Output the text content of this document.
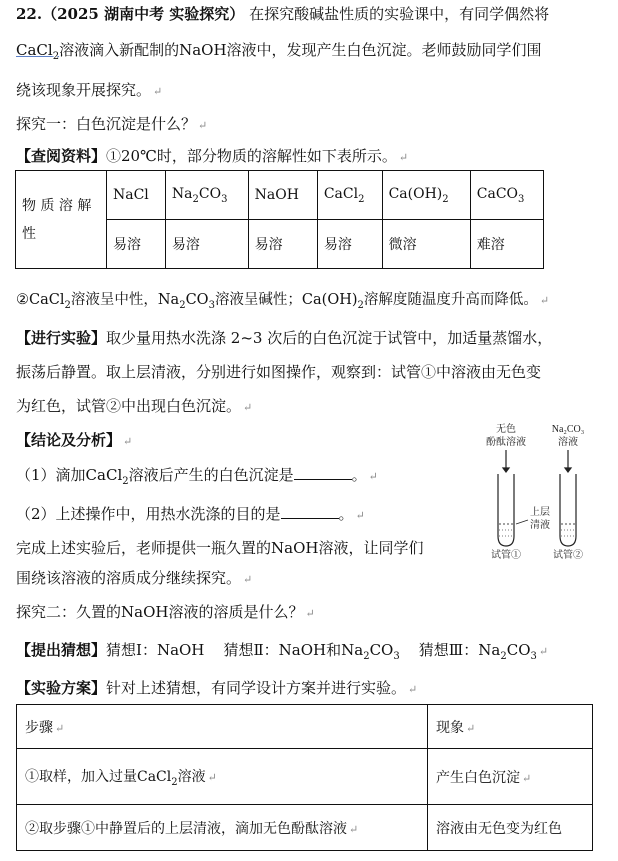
22.（2025 湖南中考 实验探究） 在探究酸碱盐性质的实验课中，有同学偶然将
CaCl$_2$溶液滴入新配制的NaOH溶液中，发现产生白色沉淀。老师鼓励同学们围
绕该现象开展探究。 ↵
探究一：白色沉淀是什么？ ↵
【查阅资料】①20℃时，部分物质的溶解性如下表所示。 ↵
物 质 溶 解 性	NaCl	$Na_2CO_3$	NaOH	CaCl$_2$	$Ca(OH)_2$	CaCO$_3$
	易溶	易溶	易溶	易溶	微溶	难溶
②CaCl$_2$溶液呈中性，$Na_2CO_3$溶液呈碱性；$Ca(OH)_2$溶解度随温度升高而降低。 ↵
【进行实验】取少量用热水洗涤 2~3 次后的白色沉淀于试管中，加适量蒸馏水，
振荡后静置。取上层清液，分别进行如图操作，观察到：试管①中溶液由无色变
为红色，试管②中出现白色沉淀。 ↵
【结论及分析】 ↵
（1）滴加CaCl$_2$溶液后产生的白色沉淀是	。 ↵
（2）上述操作中，用热水洗涤的目的是	。 ↵
无色
酚酞溶液
Na₂CO₃
溶液
上层
清液
试管①	试管②
完成上述实验后，老师提供一瓶久置的NaOH溶液，让同学们
围绕该溶液的溶质成分继续探究。 ↵
探究二：久置的NaOH溶液的溶质是什么？ ↵
【提出猜想】猜想Ⅰ：NaOH 猜想Ⅱ：NaOH和$Na_2CO_3$ 猜想Ⅲ：$Na_2CO_3$ ↵
【实验方案】针对上述猜想，有同学设计方案并进行实验。 ↵
步骤 ↵	现象 ↵
①取样，加入过量CaCl$_2$溶液 ↵	产生白色沉淀 ↵
②取步骤①中静置后的上层清液，滴加无色酚酞溶液 ↵	溶液由无色变为红色
